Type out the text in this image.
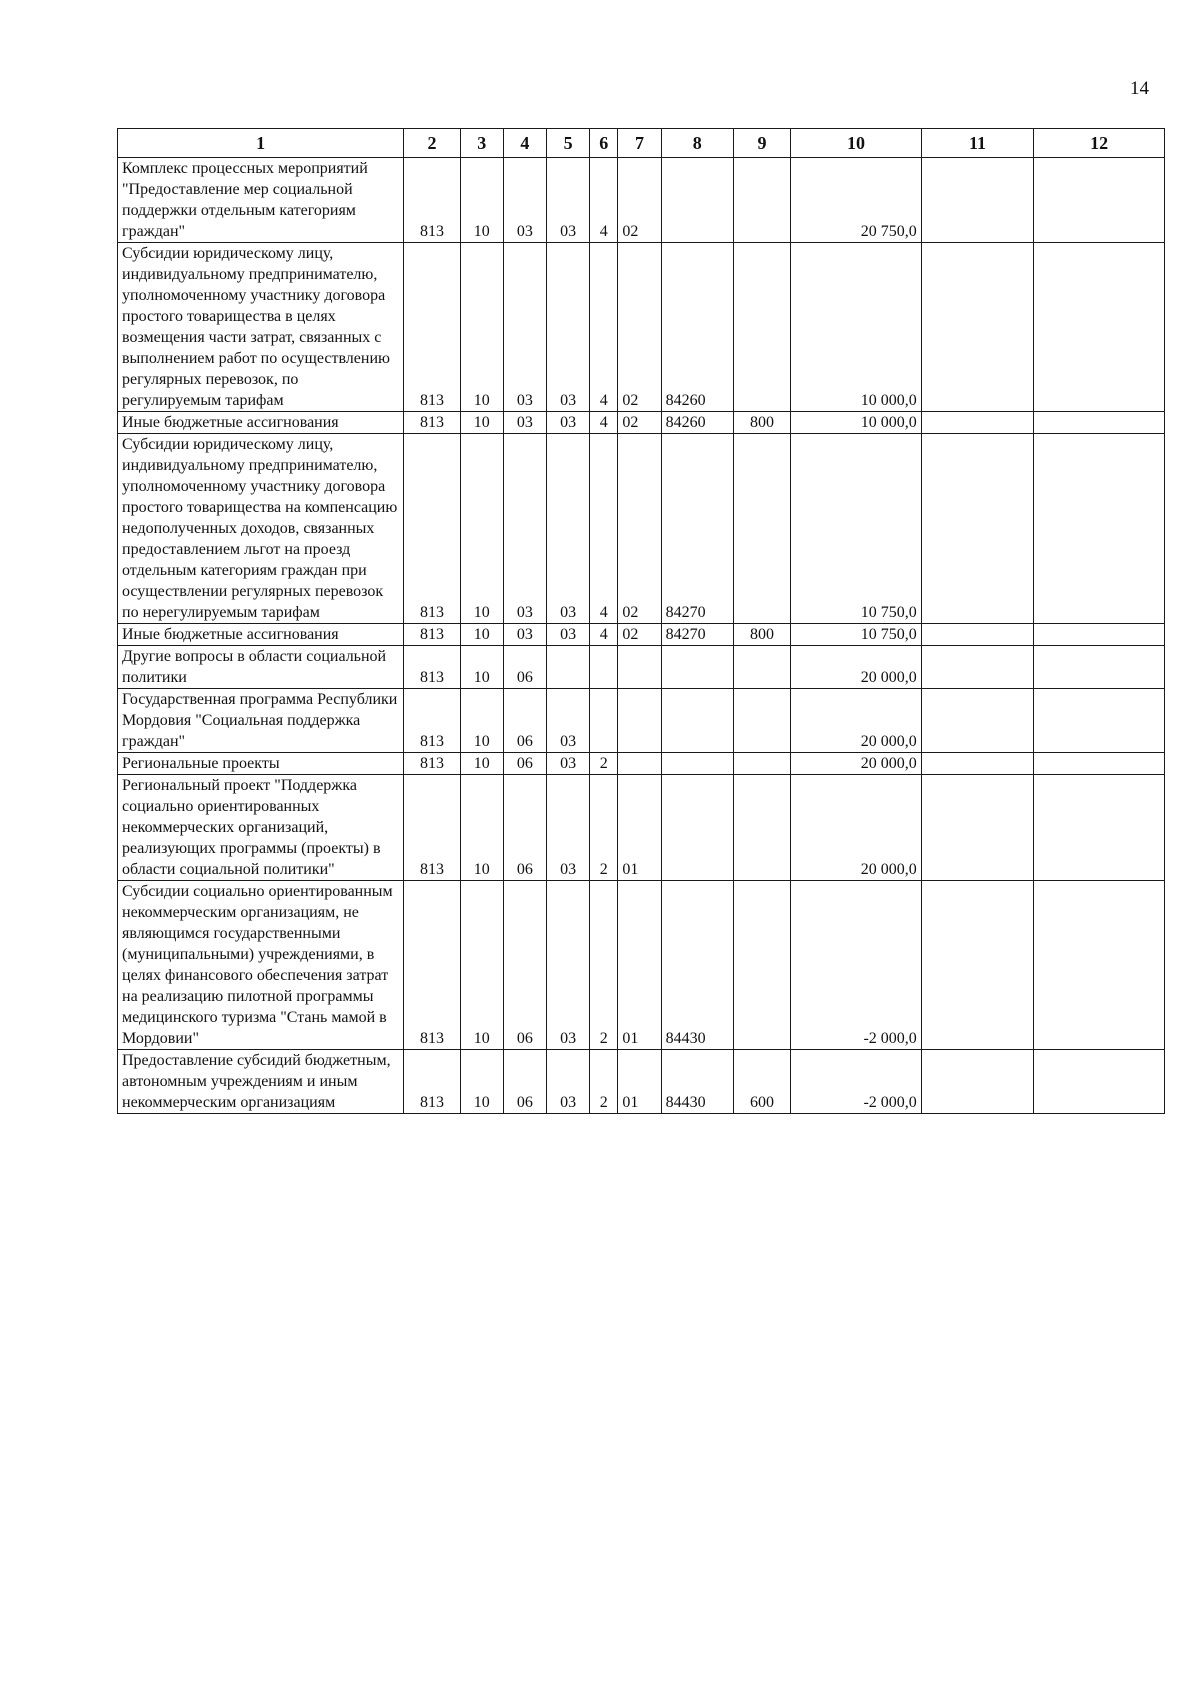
14
1	2	3	4	5	6	7	8	9	10	11	12
Комплекс процессных мероприятий "Предоставление мер социальной поддержки отдельным категориям граждан"	813	10	03	03	4	02			20 750,0		
Субсидии юридическому лицу, индивидуальному предпринимателю, уполномоченному участнику договора простого товарищества в целях возмещения части затрат, связанных с выполнением работ по осуществлению регулярных перевозок, по регулируемым тарифам	813	10	03	03	4	02	84260		10 000,0		
Иные бюджетные ассигнования	813	10	03	03	4	02	84260	800	10 000,0		
Субсидии юридическому лицу, индивидуальному предпринимателю, уполномоченному участнику договора простого товарищества на компенсацию недополученных доходов, связанных предоставлением льгот на проезд отдельным категориям граждан при осуществлении регулярных перевозок по нерегулируемым тарифам	813	10	03	03	4	02	84270		10 750,0		
Иные бюджетные ассигнования	813	10	03	03	4	02	84270	800	10 750,0		
Другие вопросы в области социальной политики	813	10	06						20 000,0		
Государственная программа Республики Мордовия "Социальная поддержка граждан"	813	10	06	03					20 000,0		
Региональные проекты	813	10	06	03	2				20 000,0		
Региональный проект "Поддержка социально ориентированных некоммерческих организаций, реализующих программы (проекты) в области социальной политики"	813	10	06	03	2	01			20 000,0		
Субсидии социально ориентированным некоммерческим организациям, не являющимся государственными (муниципальными) учреждениями, в целях финансового обеспечения затрат на реализацию пилотной программы медицинского туризма "Стань мамой в Мордовии"	813	10	06	03	2	01	84430		-2 000,0		
Предоставление субсидий бюджетным, автономным учреждениям и иным некоммерческим организациям	813	10	06	03	2	01	84430	600	-2 000,0		
